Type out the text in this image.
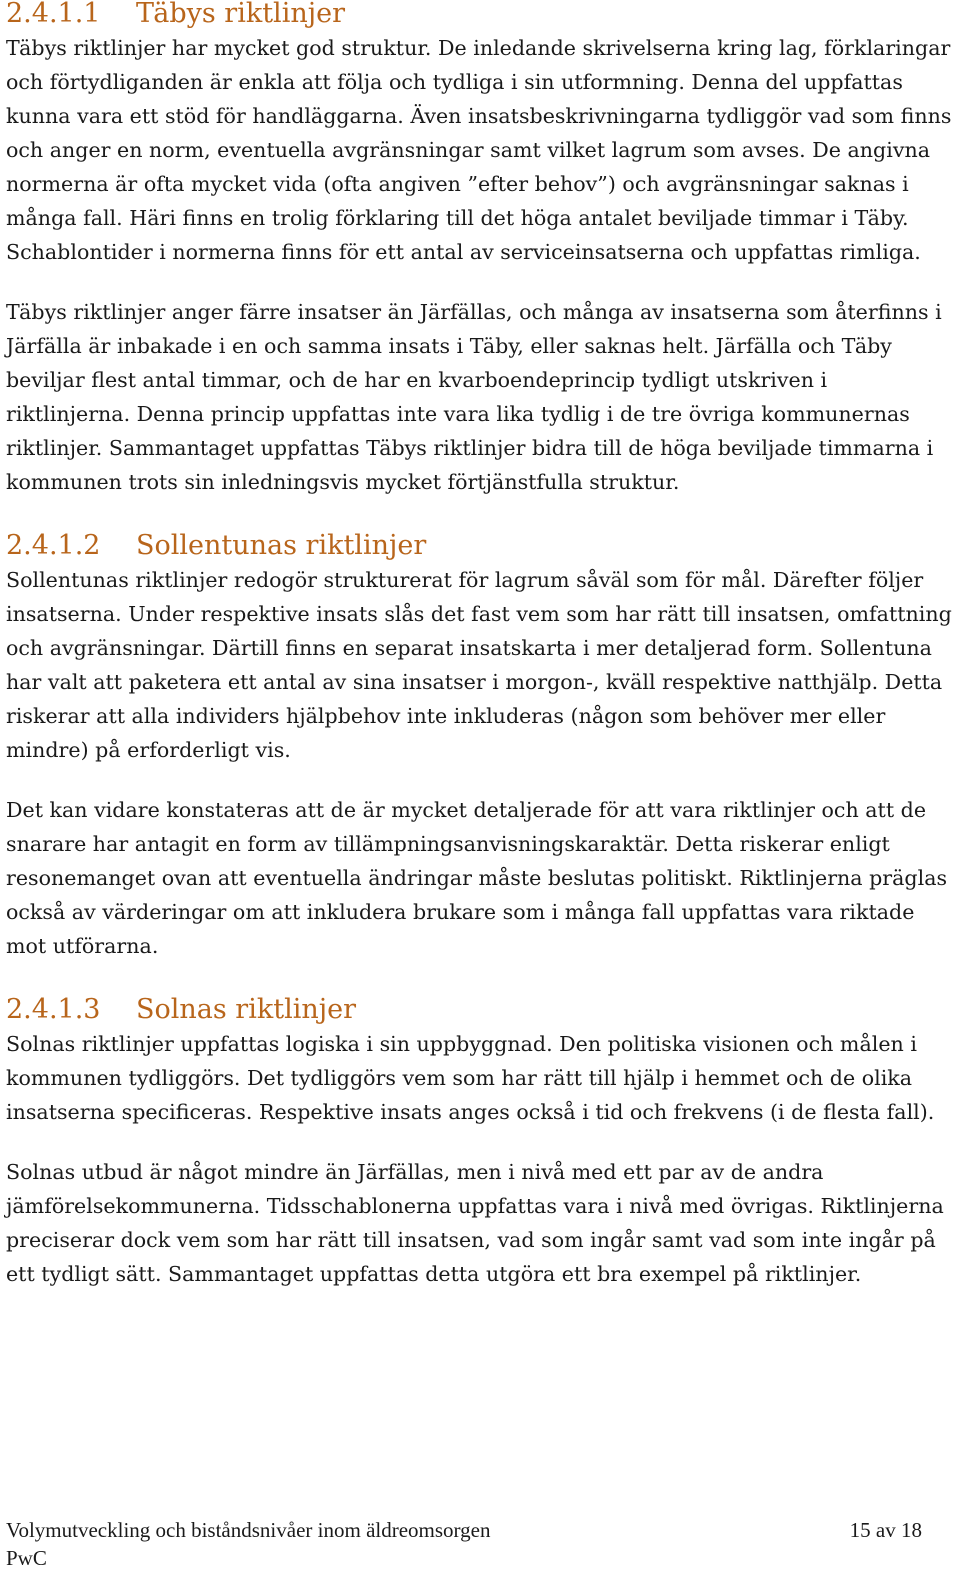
2.4.1.1	Täbys riktlinjer

Täbys riktlinjer har mycket god struktur. De inledande skrivelserna kring lag, förklaringar och förtydliganden är enkla att följa och tydliga i sin utformning. Denna del uppfattas kunna vara ett stöd för handläggarna. Även insatsbeskrivningarna tydliggör vad som finns och anger en norm, eventuella avgränsningar samt vilket lagrum som avses. De angivna normerna är ofta mycket vida (ofta angiven ”efter behov”) och avgränsningar saknas i många fall. Häri finns en trolig förklaring till det höga antalet beviljade timmar i Täby. Schablontider i normerna finns för ett antal av serviceinsatserna och uppfattas rimliga.

Täbys riktlinjer anger färre insatser än Järfällas, och många av insatserna som återfinns i Järfälla är inbakade i en och samma insats i Täby, eller saknas helt. Järfälla och Täby beviljar flest antal timmar, och de har en kvarboendeprincip tydligt utskriven i riktlinjerna. Denna princip uppfattas inte vara lika tydlig i de tre övriga kommunernas riktlinjer. Sammantaget uppfattas Täbys riktlinjer bidra till de höga beviljade timmarna i kommunen trots sin inledningsvis mycket förtjänstfulla struktur.

2.4.1.2	Sollentunas riktlinjer

Sollentunas riktlinjer redogör strukturerat för lagrum såväl som för mål. Därefter följer insatserna. Under respektive insats slås det fast vem som har rätt till insatsen, omfattning och avgränsningar. Därtill finns en separat insatskarta i mer detaljerad form. Sollentuna har valt att paketera ett antal av sina insatser i morgon-, kväll respektive natthjälp. Detta riskerar att alla individers hjälpbehov inte inkluderas (någon som behöver mer eller mindre) på erforderligt vis.

Det kan vidare konstateras att de är mycket detaljerade för att vara riktlinjer och att de snarare har antagit en form av tillämpningsanvisningskaraktär. Detta riskerar enligt resonemanget ovan att eventuella ändringar måste beslutas politiskt. Riktlinjerna präglas också av värderingar om att inkludera brukare som i många fall uppfattas vara riktade mot utförarna.

2.4.1.3	Solnas riktlinjer

Solnas riktlinjer uppfattas logiska i sin uppbyggnad. Den politiska visionen och målen i kommunen tydliggörs. Det tydliggörs vem som har rätt till hjälp i hemmet och de olika insatserna specificeras. Respektive insats anges också i tid och frekvens (i de flesta fall).

Solnas utbud är något mindre än Järfällas, men i nivå med ett par av de andra jämförelsekommunerna. Tidsschablonerna uppfattas vara i nivå med övrigas. Riktlinjerna preciserar dock vem som har rätt till insatsen, vad som ingår samt vad som inte ingår på ett tydligt sätt. Sammantaget uppfattas detta utgöra ett bra exempel på riktlinjer.

Volymutveckling och biståndsnivåer inom äldreomsorgen	15 av 18
PwC
